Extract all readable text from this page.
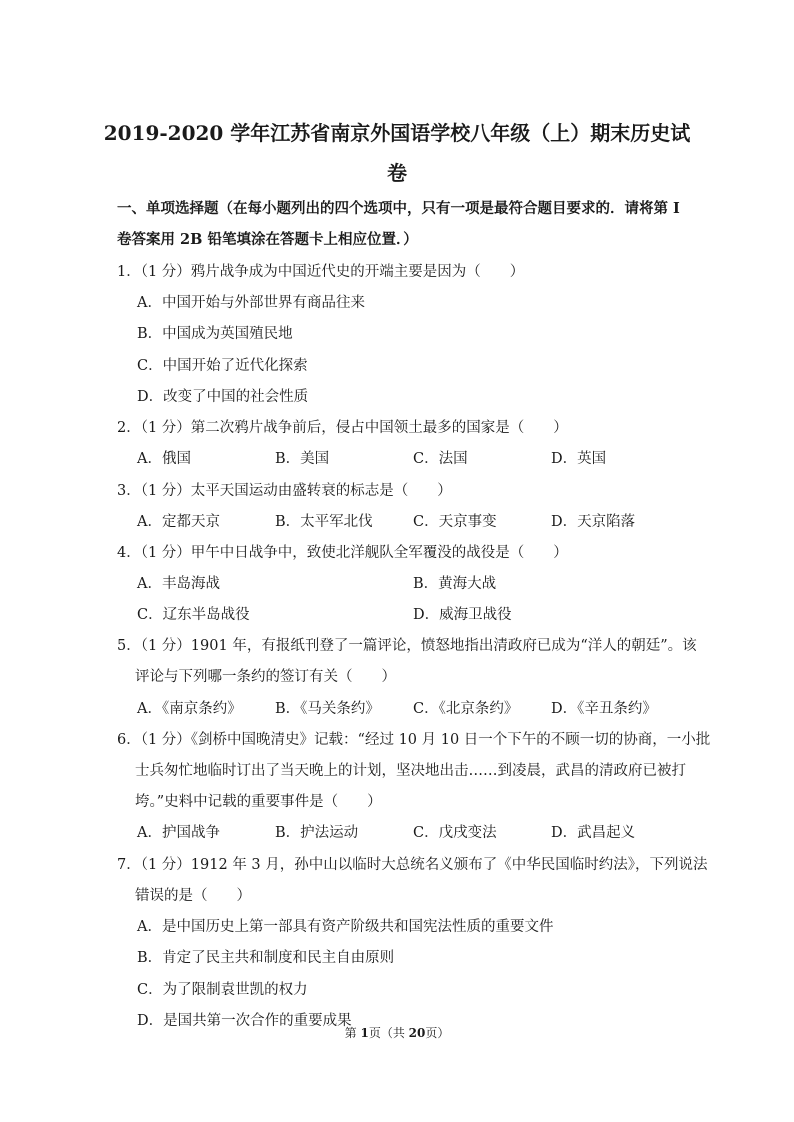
2019-2020 学年江苏省南京外国语学校八年级（上）期末历史试
卷
一、单项选择题（在每小题列出的四个选项中，只有一项是最符合题目要求的．请将第 I
卷答案用 2B 铅笔填涂在答题卡上相应位置．）
1．（1 分）鸦片战争成为中国近代史的开端主要是因为（　　）
A．中国开始与外部世界有商品往来
B．中国成为英国殖民地
C．中国开始了近代化探索
D．改变了中国的社会性质
2．（1 分）第二次鸦片战争前后，侵占中国领土最多的国家是（　　）
A．俄国	B．美国	C．法国	D．英国
3．（1 分）太平天国运动由盛转衰的标志是（　　）
A．定都天京	B．太平军北伐	C．天京事变	D．天京陷落
4．（1 分）甲午中日战争中，致使北洋舰队全军覆没的战役是（　　）
A．丰岛海战	B．黄海大战
C．辽东半岛战役	D．威海卫战役
5．（1 分）1901 年，有报纸刊登了一篇评论，愤怒地指出清政府已成为“洋人的朝廷”。该
评论与下列哪一条约的签订有关（　　）
A．《南京条约》 B．《马关条约》 C．《北京条约》 D．《辛丑条约》
6．（1 分）《剑桥中国晚清史》记载：“经过 10 月 10 日一个下午的不顾一切的协商，一小批
士兵匆忙地临时订出了当天晚上的计划，坚决地出击……到凌晨，武昌的清政府已被打
垮。”史料中记载的重要事件是（　　）
A．护国战争	B．护法运动	C．戊戌变法	D．武昌起义
7．（1 分）1912 年 3 月，孙中山以临时大总统名义颁布了《中华民国临时约法》，下列说法
错误的是（　　）
A．是中国历史上第一部具有资产阶级共和国宪法性质的重要文件
B．肯定了民主共和制度和民主自由原则
C．为了限制袁世凯的权力
D．是国共第一次合作的重要成果
第 1页（共 20页）
